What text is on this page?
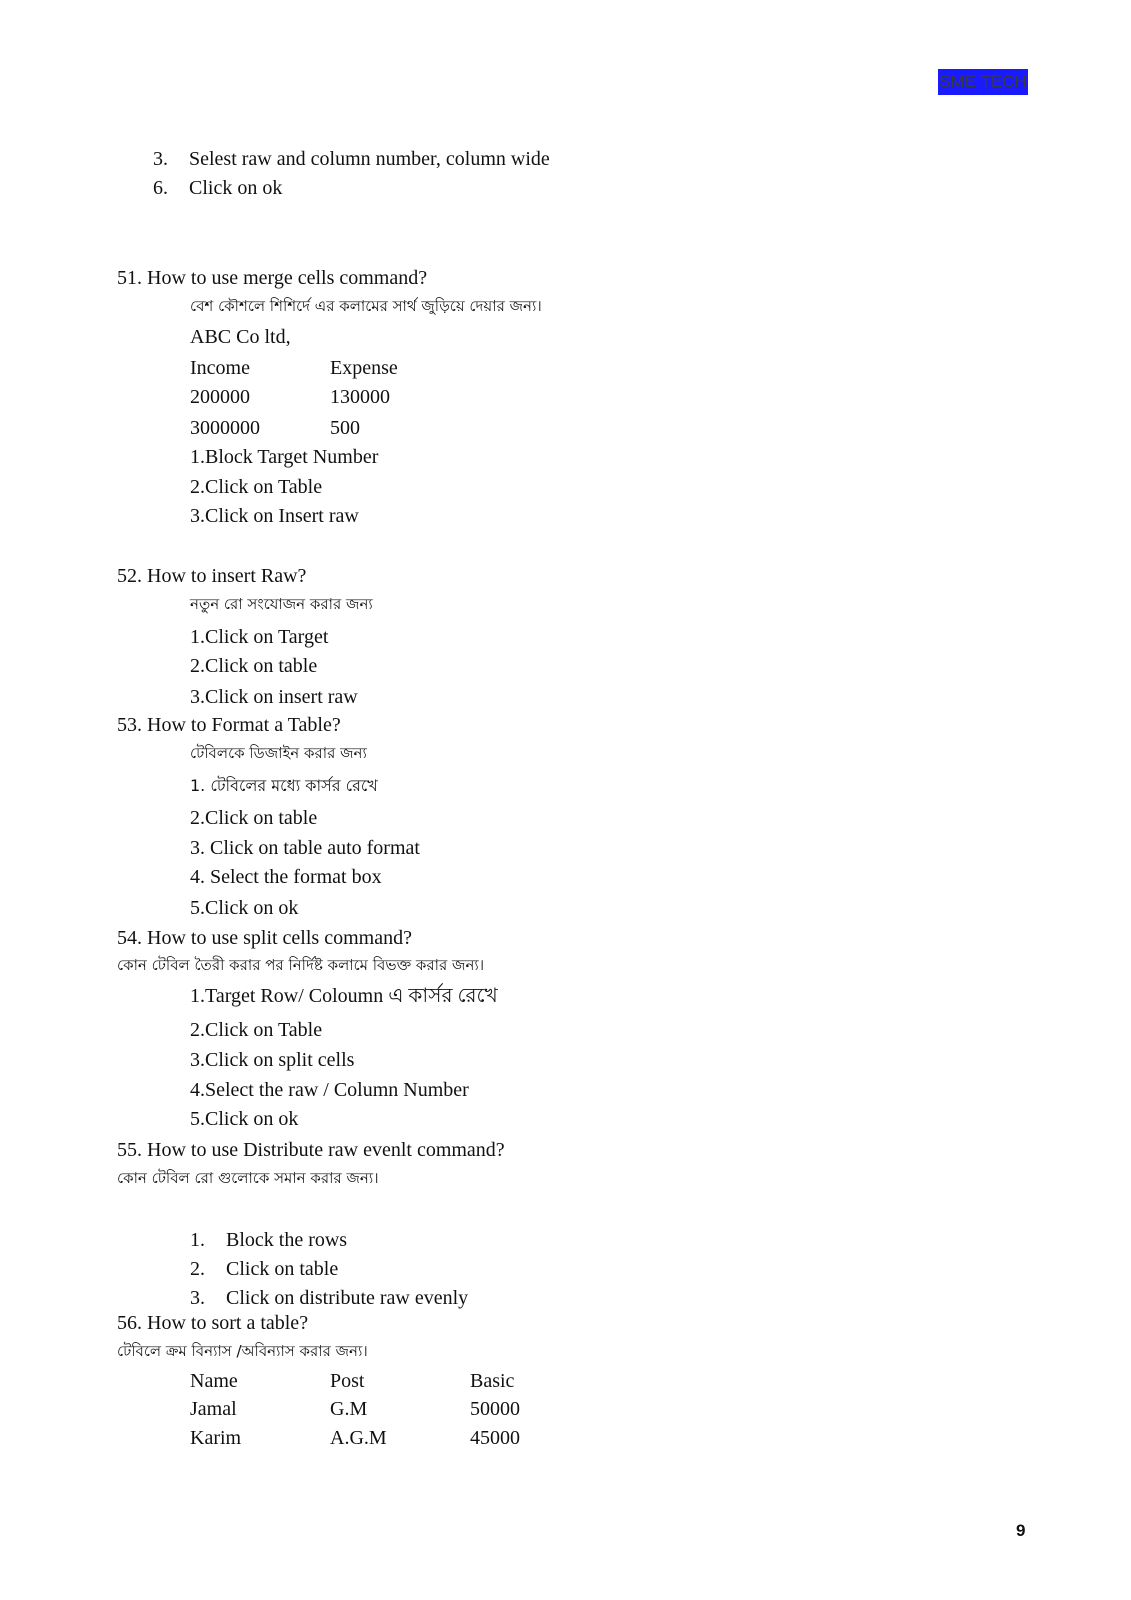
SME TECH
3. Selest raw and column number, column wide
6. Click on ok
51. How to use merge cells command?
বেশ কৌশলে শিশির্দে এর কলামের সার্থ জুড়িয়ে দেয়ার জন্য।
ABC Co ltd,
Income	Expense
200000	130000
3000000	500
1.Block Target Number
2.Click on Table
3.Click on Insert raw
52. How to insert Raw?
নতুন রো সংযোজন করার জন্য
1.Click on Target
2.Click on table
3.Click on insert raw
53. How to Format a Table?
টেবিলকে ডিজাইন করার জন্য
1. টেবিলের মধ্যে কার্সর রেখে
2.Click on table
3. Click on table auto format
4. Select the format box
5.Click on ok
54. How to use split cells command?
কোন টেবিল তৈরী করার পর নির্দিষ্ট কলামে বিভক্ত করার জন্য।
1.Target Row/ Coloumn এ কার্সর রেখে
2.Click on Table
3.Click on split cells
4.Select the raw / Column Number
5.Click on ok
55. How to use Distribute raw evenlt command?
কোন টেবিল রো গুলোকে সমান করার জন্য।
1. Block the rows
2. Click on table
3. Click on distribute raw evenly
56. How to sort a table?
টেবিলে ক্রম বিন্যাস /অবিন্যাস করার জন্য।
Name	Post	Basic
Jamal	G.M	50000
Karim	A.G.M	45000
9
